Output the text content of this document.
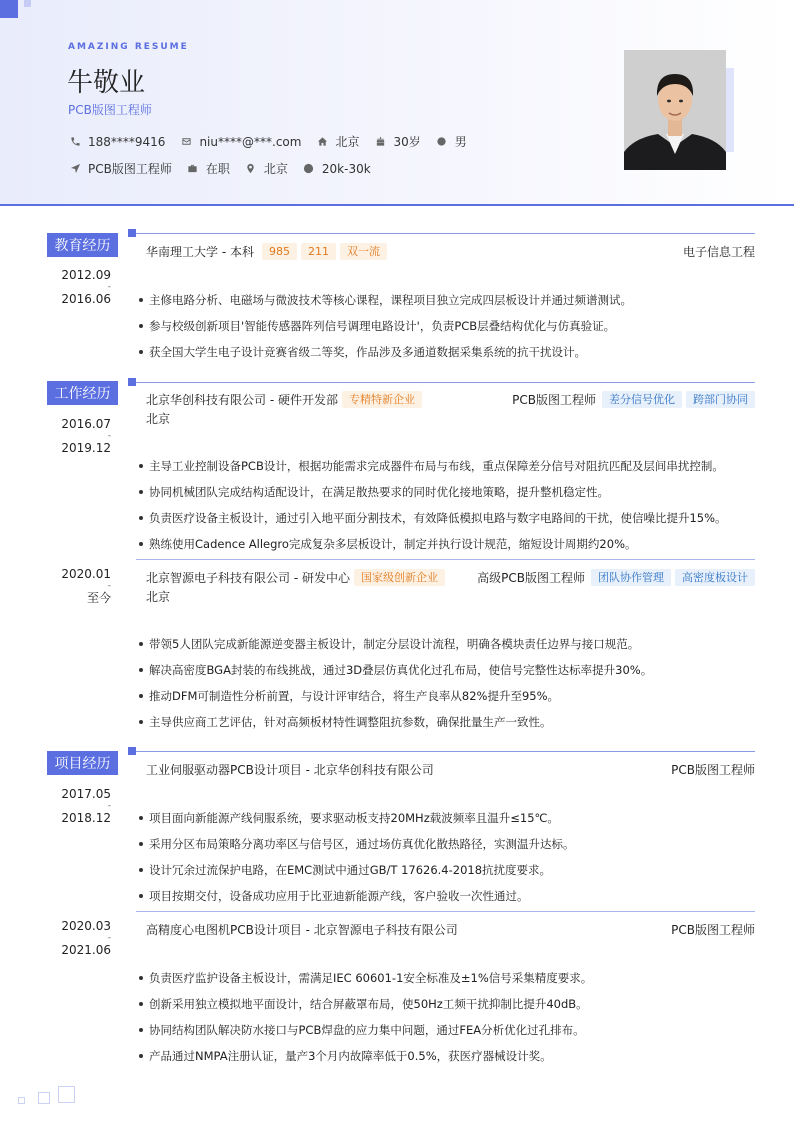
AMAZING RESUME
牛敬业
PCB版图工程师
188****9416	niu****@***.com	北京	30岁	男
PCB版图工程师	在职	北京	20k-30k
教育经历
2012.09
-
2016.06
华南理工大学 - 本科	985	211	双一流	电子信息工程
主修电路分析、电磁场与微波技术等核心课程，课程项目独立完成四层板设计并通过频谱测试。
参与校级创新项目'智能传感器阵列信号调理电路设计'，负责PCB层叠结构优化与仿真验证。
获全国大学生电子设计竞赛省级二等奖，作品涉及多通道数据采集系统的抗干扰设计。
工作经历
2016.07
-
2019.12
北京华创科技有限公司 - 硬件开发部	专精特新企业	PCB版图工程师	差分信号优化	跨部门协同
北京
主导工业控制设备PCB设计，根据功能需求完成器件布局与布线，重点保障差分信号对阻抗匹配及层间串扰控制。
协同机械团队完成结构适配设计，在满足散热要求的同时优化接地策略，提升整机稳定性。
负责医疗设备主板设计，通过引入地平面分割技术，有效降低模拟电路与数字电路间的干扰，使信噪比提升15%。
熟练使用Cadence Allegro完成复杂多层板设计，制定并执行设计规范，缩短设计周期约20%。
2020.01
-
至今
北京智源电子科技有限公司 - 研发中心	国家级创新企业	高级PCB版图工程师	团队协作管理	高密度板设计
北京
带领5人团队完成新能源逆变器主板设计，制定分层设计流程，明确各模块责任边界与接口规范。
解决高密度BGA封装的布线挑战，通过3D叠层仿真优化过孔布局，使信号完整性达标率提升30%。
推动DFM可制造性分析前置，与设计评审结合，将生产良率从82%提升至95%。
主导供应商工艺评估，针对高频板材特性调整阻抗参数，确保批量生产一致性。
项目经历
2017.05
-
2018.12
工业伺服驱动器PCB设计项目 - 北京华创科技有限公司	PCB版图工程师
项目面向新能源产线伺服系统，要求驱动板支持20MHz载波频率且温升≤15℃。
采用分区布局策略分离功率区与信号区，通过场仿真优化散热路径，实测温升达标。
设计冗余过流保护电路，在EMC测试中通过GB/T 17626.4-2018抗扰度要求。
项目按期交付，设备成功应用于比亚迪新能源产线，客户验收一次性通过。
2020.03
-
2021.06
高精度心电图机PCB设计项目 - 北京智源电子科技有限公司	PCB版图工程师
负责医疗监护设备主板设计，需满足IEC 60601-1安全标准及±1%信号采集精度要求。
创新采用独立模拟地平面设计，结合屏蔽罩布局，使50Hz工频干扰抑制比提升40dB。
协同结构团队解决防水接口与PCB焊盘的应力集中问题，通过FEA分析优化过孔排布。
产品通过NMPA注册认证，量产3个月内故障率低于0.5%，获医疗器械设计奖。
